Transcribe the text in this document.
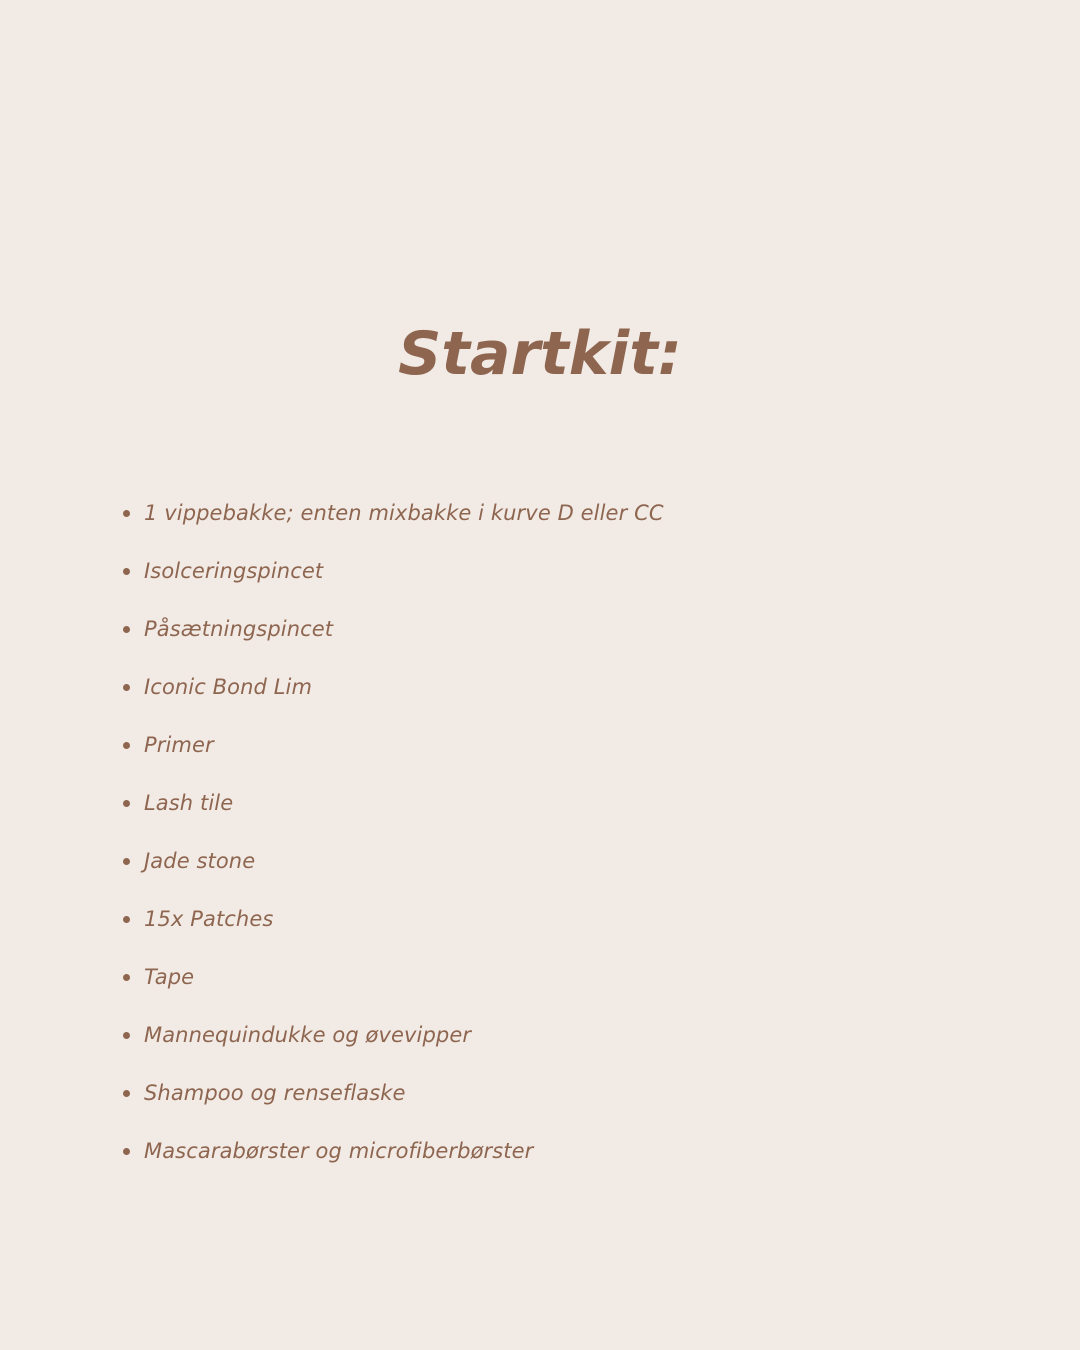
Startkit:
1 vippebakke; enten mixbakke i kurve D eller CC
Isolceringspincet
Påsætningspincet
Iconic Bond Lim
Primer
Lash tile
Jade stone
15x Patches
Tape
Mannequindukke og øvevipper
Shampoo og renseflaske
Mascarabørster og microfiberbørster
